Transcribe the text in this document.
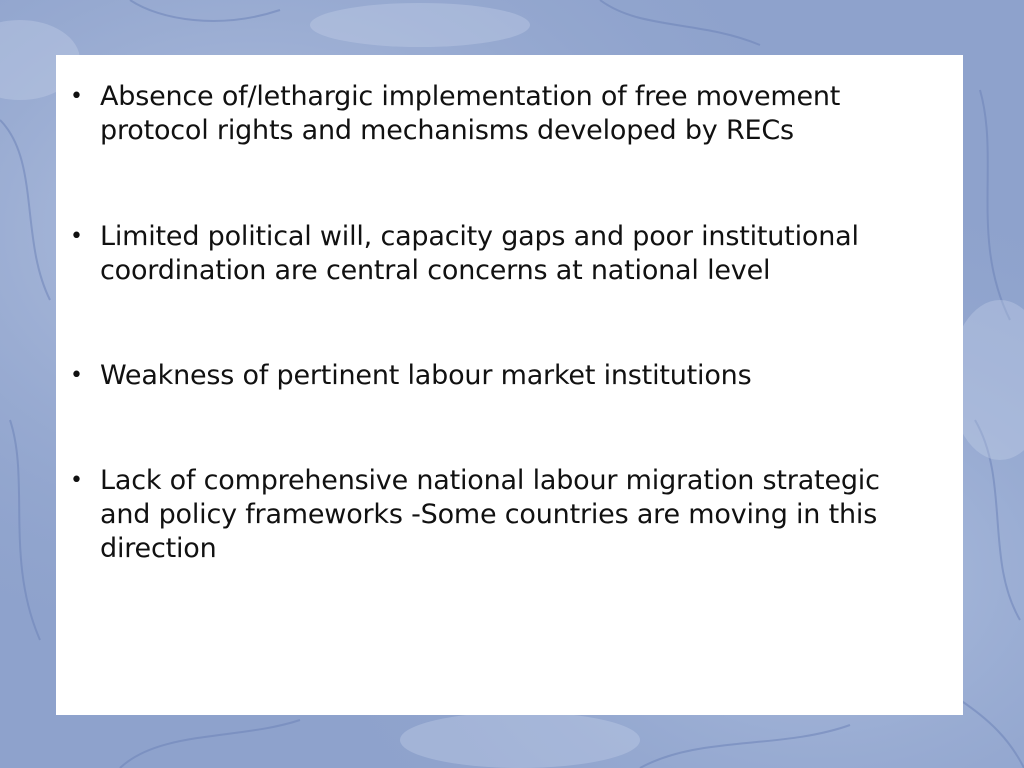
• Absence of/lethargic implementation of free movement protocol rights and mechanisms developed by RECs
• Limited political will, capacity gaps and poor institutional coordination are central concerns at national level
• Weakness of pertinent labour market institutions
• Lack of comprehensive national labour migration strategic and policy frameworks -Some countries are moving in this direction
